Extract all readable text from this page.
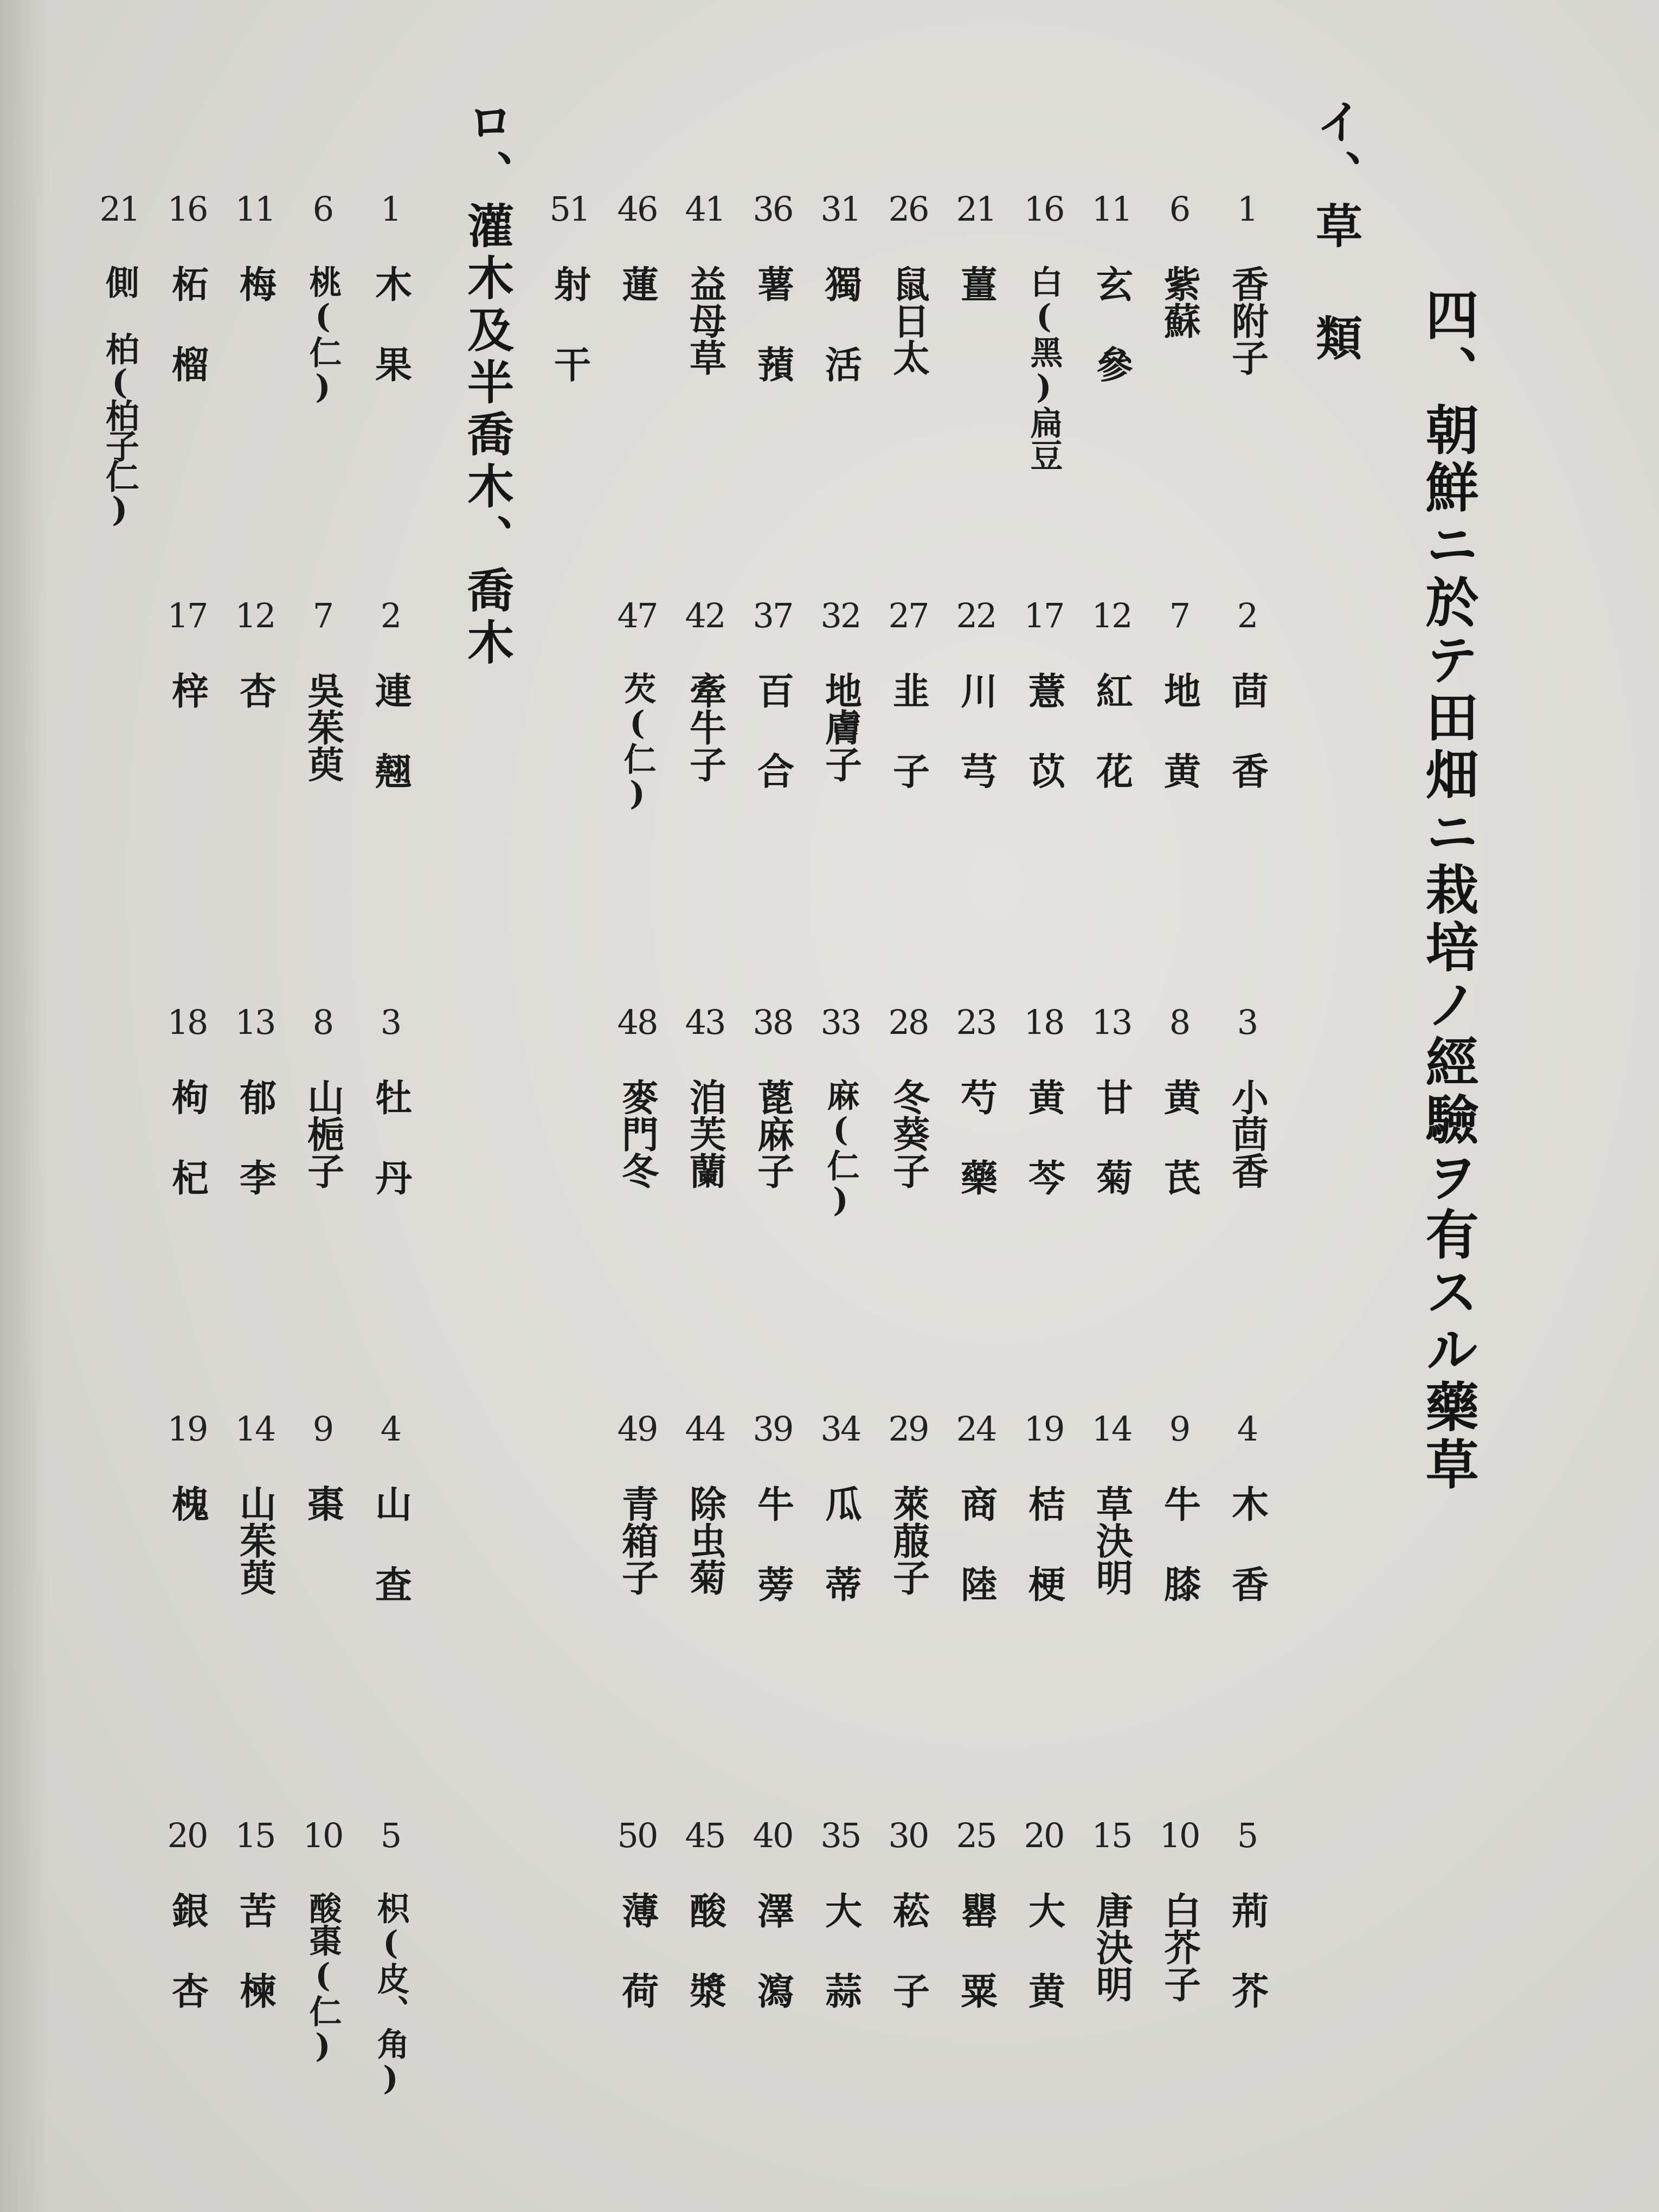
四、朝鮮ニ於テ田畑ニ栽培ノ經驗ヲ有スル藥草
イ、草 類
ロ、灌木及半喬木、喬木	1
香附子
2
茴 香
3
小茴香
4
木 香
5
荊 芥
6
紫蘇
7
地 黄
8
黄 芪
9
牛 膝
10
白芥子
11
玄 參
12
紅 花
13
甘 菊
14
草決明
15
唐決明
16
白(黑)扁豆
17
薏 苡
18
黄 芩
19
桔 梗
20
大 黄
21
薑
22
川 芎
23
芍 藥
24
商 陸
25
罌 粟
26
鼠日太
27
韭 子
28
冬葵子
29
萊菔子
30
菘 子
31
獨 活
32
地膚子
33
麻(仁)
34
瓜 蒂
35
大 蒜
36
薯 蕷
37
百 合
38
蓖麻子
39
牛 蒡
40
澤 瀉
41
益母草
42
牽牛子
43
洎芙蘭
44
除虫菊
45
酸 漿
46
蓮
47
芡(仁)
48
麥門冬
49
青箱子
50
薄 荷
51
射 干
1
木 果
2
連 翹
3
牡 丹
4
山 査
5
枳(皮、角)
6
桃(仁)
7
吳茱萸
8
山梔子
9
棗
10
酸棗(仁)
11
梅
12
杏
13
郁 李
14
山茱萸
15
苦 楝
16
柘 榴
17
梓
18
枸 杞
19
槐
20
銀 杏
21
側 柏(柏子仁)
